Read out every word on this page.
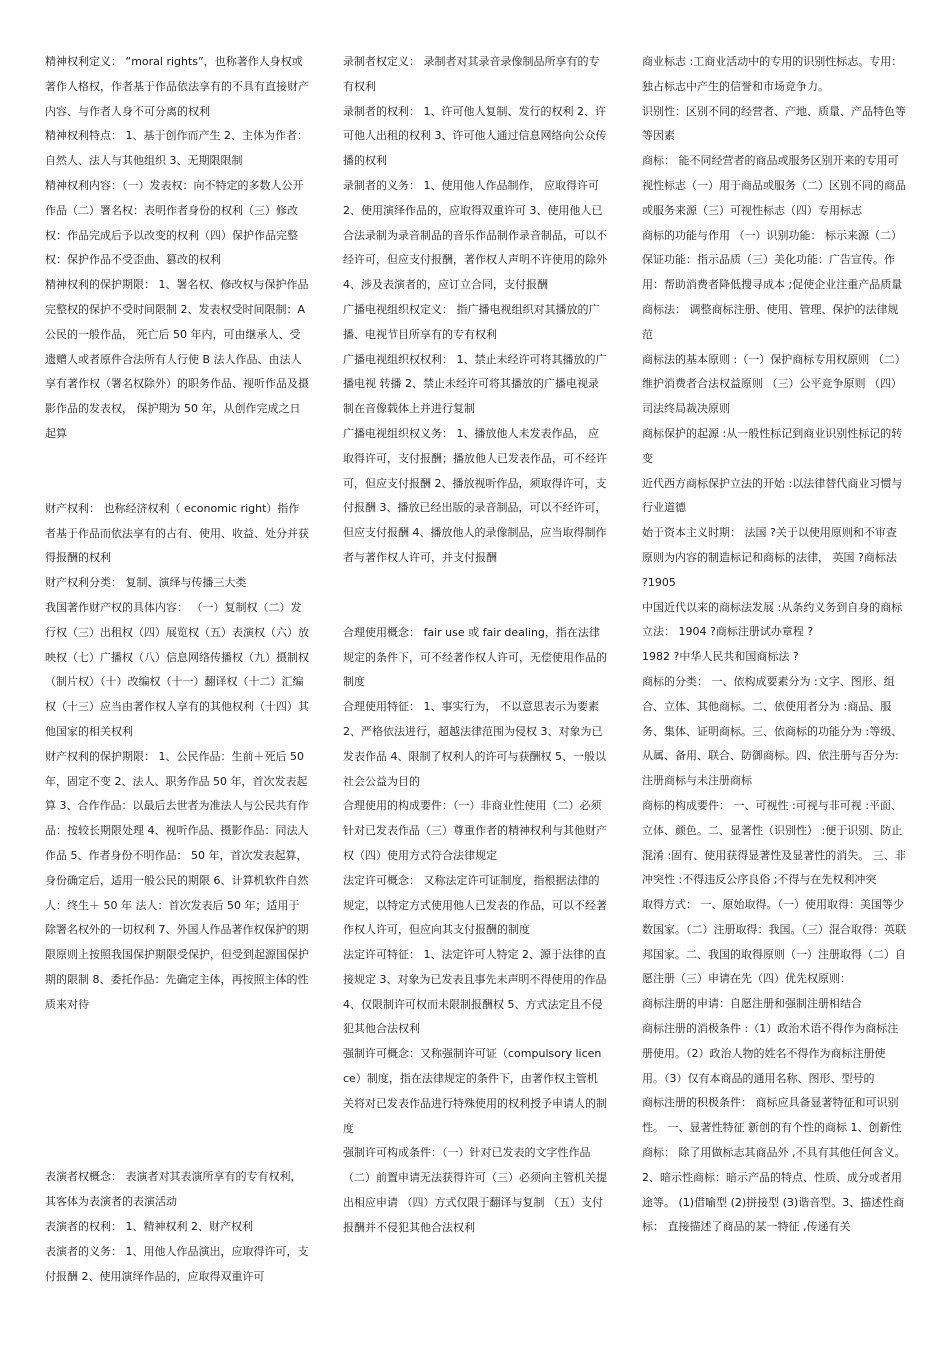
精神权利定义： “moral rights”，也称著作人身权或著作人格权，作者基于作品依法享有的不具有直接财产内容、与作者人身不可分离的权利

精神权利特点： 1、基于创作而产生 2、主体为作者：自然人、法人与其他组织 3、无期限限制

精神权利内容：（一）发表权：向不特定的多数人公开作品（二）署名权：表明作者身份的权利（三）修改权：作品完成后予以改变的权利（四）保护作品完整权：保护作品不受歪曲、篡改的权利

精神权利的保护期限： 1、署名权、修改权与保护作品完整权的保护不受时间限制 2、发表权受时间限制：A 公民的一般作品， 死亡后 50 年内，可由继承人、受遗赠人或者原件合法所有人行使 B 法人作品、由法人享有著作权（署名权除外）的职务作品、视听作品及摄影作品的发表权， 保护期为 50 年，从创作完成之日起算

财产权利： 也称经济权利（ economic right）指作者基于作品而依法享有的占有、使用、收益、处分并获得报酬的权利

财产权利分类： 复制、演绎与传播三大类

我国著作财产权的具体内容： （一）复制权（二）发行权（三）出租权（四）展览权（五）表演权（六）放映权（七）广播权（八）信息网络传播权（九）摄制权（制片权）（十）改编权（十一）翻译权（十二）汇编权（十三）应当由著作权人享有的其他权利（十四）其他国家的相关权利

财产权利的保护期限： 1、公民作品：生前＋死后 50 年，固定不变 2、法人、职务作品 50 年，首次发表起算 3、合作作品：以最后去世者为准法人与公民共有作品：按较长期限处理 4、视听作品、摄影作品：同法人作品 5、作者身份不明作品： 50 年，首次发表起算，身份确定后，适用一般公民的期限 6、计算机软件自然人：终生＋ 50 年 法人：首次发表后 50 年；适用于除署名权外的一切权利 7、外国人作品著作权保护的期限原则上按照我国保护期限受保护，但受到起源国保护期的限制 8、委托作品：先确定主体，再按照主体的性质来对待

表演者权概念： 表演者对其表演所享有的专有权利，其客体为表演者的表演活动

表演者的权利： 1、精神权利 2、财产权利

表演者的义务： 1、用他人作品演出，应取得许可，支付报酬 2、使用演绎作品的，应取得双重许可

录制者权定义： 录制者对其录音录像制品所享有的专有权利

录制者的权利： 1、许可他人复制、发行的权利 2、许可他人出租的权利 3、许可他人通过信息网络向公众传播的权利

录制者的义务： 1、使用他人作品制作， 应取得许可 2、使用演绎作品的，应取得双重许可 3、使用他人已合法录制为录音制品的音乐作品制作录音制品，可以不经许可，但应支付报酬，著作权人声明不许使用的除外 4、涉及表演者的，应订立合同，支付报酬

广播电视组织权定义： 指广播电视组织对其播放的广播、电视节目所享有的专有权利

广播电视组织权权利： 1、禁止未经许可将其播放的广播电视 转播 2、禁止未经许可将其播放的广播电视录制在音像载体上并进行复制

广播电视组织权义务： 1、播放他人未发表作品， 应取得许可，支付报酬；播放他人已发表作品，可不经许可，但应支付报酬 2、播放视听作品，须取得许可，支付报酬 3、播放已经出版的录音制品，可以不经许可，但应支付报酬 4、播放他人的录像制品，应当取得制作者与著作权人许可，并支付报酬

合理使用概念： fair use 或 fair dealing，指在法律规定的条件下，可不经著作权人许可，无偿使用作品的制度

合理使用特征： 1、事实行为， 不以意思表示为要素 2、严格依法进行，超越法律范围为侵权 3、对象为已发表作品 4、限制了权利人的许可与获酬权 5、一般以社会公益为目的

合理使用的构成要件：（一）非商业性使用（二）必须针对已发表作品（三）尊重作者的精神权利与其他财产权（四）使用方式符合法律规定

法定许可概念： 又称法定许可证制度，指根据法律的规定，以特定方式使用他人已发表的作品，可以不经著作权人许可，但应向其支付报酬的制度

法定许可特征： 1、法定许可人特定 2、源于法律的直接规定 3、对象为已发表且事先未声明不得使用的作品 4、仅限制许可权而未限制报酬权 5、方式法定且不侵犯其他合法权利

强制许可概念：又称强制许可证（compulsory licence）制度，指在法律规定的条件下，由著作权主管机关将对已发表作品进行特殊使用的权利授予申请人的制度

强制许可构成条件：（一）针对已发表的文字性作品（二）前置申请无法获得许可（三）必须向主管机关提出相应申请 （四）方式仅限于翻译与复制 （五）支付报酬并不侵犯其他合法权利

商业标志 :工商业活动中的专用的识别性标志。专用：独占标志中产生的信誉和市场竞争力。

识别性：区别不同的经营者、产地、质量、产品特色等等因素

商标： 能不同经营者的商品或服务区别开来的专用可视性标志（一）用于商品或服务（二）区别不同的商品或服务来源（三）可视性标志（四）专用标志

商标的功能与作用 （一）识别功能： 标示来源（二）保证功能：指示品质（三）美化功能：广告宣传。作用：帮助消费者降低搜寻成本 ;促使企业注重产品质量

商标法： 调整商标注册、使用、管理、保护的法律规范

商标法的基本原则 :（一）保护商标专用权原则 （二）维护消费者合法权益原则 （三）公平竞争原则 （四）司法终局裁决原则

商标保护的起源 :从一般性标记到商业识别性标记的转变

近代西方商标保护立法的开始 :以法律替代商业习惯与行业道德

始于资本主义时期： 法国 ?关于以使用原则和不审查原则为内容的制造标记和商标的法律， 英国 ?商标法 ?1905

中国近代以来的商标法发展 :从条约义务到自身的商标立法： 1904 ?商标注册试办章程 ?

1982 ?中华人民共和国商标法 ?

商标的分类： 一、依构成要素分为 :文字、图形、组合、立体、其他商标。二、依使用者分为 :商品、服务、集体、证明商标。三、依商标的功能分为 :等级、从属、备用、联合、防御商标。四、依注册与否分为:注册商标与未注册商标

商标的构成要件： 一、可视性 :可视与非可视 :平面、立体、颜色。二、显著性（识别性） :便于识别、防止混淆 :固有、使用获得显著性及显著性的消失。 三、非冲突性 :不得违反公序良俗 ;不得与在先权利冲突

取得方式： 一、原始取得。（一）使用取得：美国等少数国家。（二）注册取得：我国。（三）混合取得：英联邦国家。二、我国的取得原则（一）注册取得（二）自愿注册（三）申请在先（四）优先权原则：

商标注册的申请：自愿注册和强制注册相结合

商标注册的消极条件 :（1）政治术语不得作为商标注册使用。（2）政治人物的姓名不得作为商标注册使用。（3）仅有本商品的通用名称、图形、型号的

商标注册的积极条件： 商标应具备显著特征和可识别性。 一、显著性特征 新创的有个性的商标 1、创新性商标： 除了用做标志其商品外 ,不具有其他任何含义。 2、暗示性商标：暗示产品的特点、性质、成分或者用途等。 (1)借喻型 (2)拼接型 (3)谐音型。3、描述性商标： 直接描述了商品的某一特征 ,传递有关
